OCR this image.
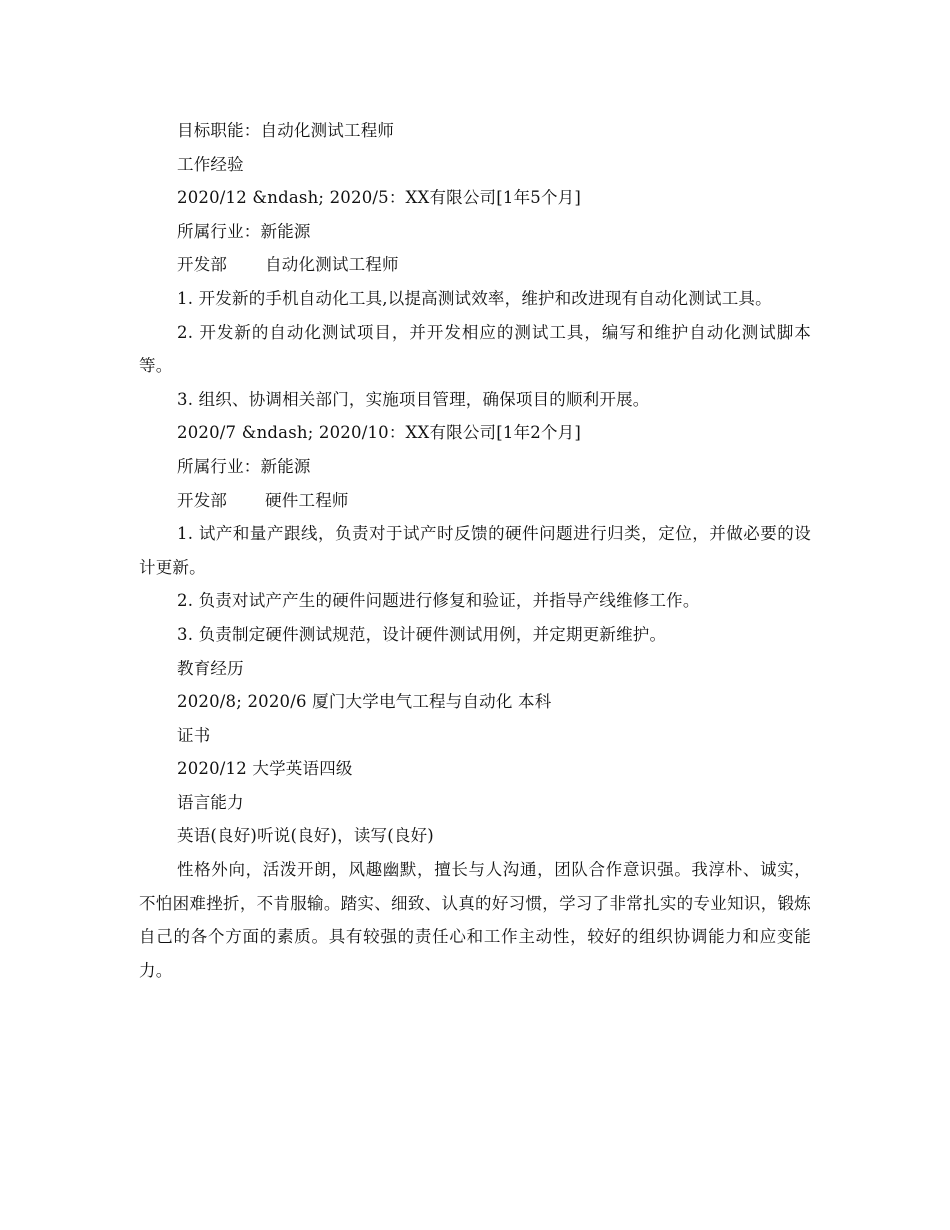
目标职能：自动化测试工程师

工作经验

2020/12 &ndash; 2020/5：XX有限公司[1年5个月]

所属行业：新能源

开发部 自动化测试工程师

1. 开发新的手机自动化工具,以提高测试效率，维护和改进现有自动化测试工具。

2. 开发新的自动化测试项目，并开发相应的测试工具，编写和维护自动化测试脚本等。

3. 组织、协调相关部门，实施项目管理，确保项目的顺利开展。

2020/7 &ndash; 2020/10：XX有限公司[1年2个月]

所属行业：新能源

开发部 硬件工程师

1. 试产和量产跟线，负责对于试产时反馈的硬件问题进行归类，定位，并做必要的设计更新。

2. 负责对试产产生的硬件问题进行修复和验证，并指导产线维修工作。

3. 负责制定硬件测试规范，设计硬件测试用例，并定期更新维护。

教育经历

2020/8; 2020/6 厦门大学电气工程与自动化 本科

证书

2020/12 大学英语四级

语言能力

英语(良好)听说(良好)，读写(良好)

性格外向，活泼开朗，风趣幽默，擅长与人沟通，团队合作意识强。我淳朴、诚实，不怕困难挫折，不肯服输。踏实、细致、认真的好习惯，学习了非常扎实的专业知识，锻炼自己的各个方面的素质。具有较强的责任心和工作主动性，较好的组织协调能力和应变能力。
